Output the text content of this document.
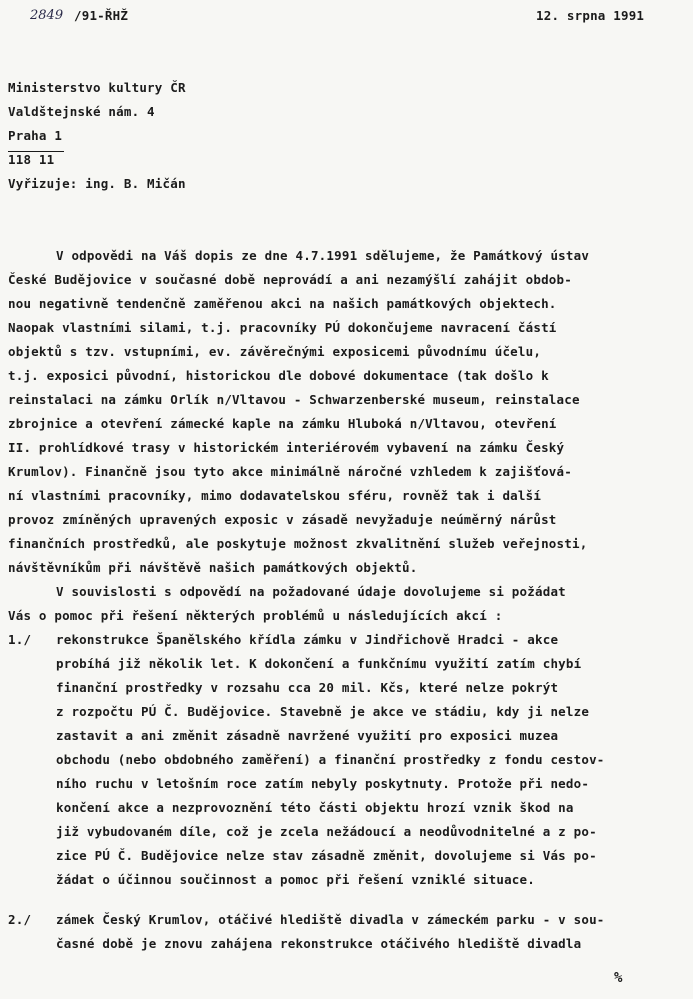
2849 /91-ŘHŽ	12. srpna 1991
Ministerstvo kultury ČR
Valdštejnské nám. 4
Praha 1
118 11
Vyřizuje: ing. B. Mičán
V odpovědi na Váš dopis ze dne 4.7.1991 sdělujeme, že Památkový ústav
České Budějovice v současné době neprovádí a ani nezamýšlí zahájit obdob-
nou negativně tendenčně zaměřenou akci na našich památkových objektech.
Naopak vlastními silami, t.j. pracovníky PÚ dokončujeme navracení částí
objektů s tzv. vstupními, ev. závěrečnými exposicemi původnímu účelu,
t.j. exposici původní, historickou dle dobové dokumentace (tak došlo k
reinstalaci na zámku Orlík n/Vltavou - Schwarzenberské museum, reinstalace
zbrojnice a otevření zámecké kaple na zámku Hluboká n/Vltavou, otevření
II. prohlídkové trasy v historickém interiérovém vybavení na zámku Český
Krumlov). Finančně jsou tyto akce minimálně náročné vzhledem k zajišťová-
ní vlastními pracovníky, mimo dodavatelskou sféru, rovněž tak i další
provoz zmíněných upravených exposic v zásadě nevyžaduje neúměrný nárůst
finančních prostředků, ale poskytuje možnost zkvalitnění služeb veřejnosti,
návštěvníkům při návštěvě našich památkových objektů.
V souvislosti s odpovědí na požadované údaje dovolujeme si požádat
Vás o pomoc při řešení některých problémů u následujících akcí :
1./ rekonstrukce Španělského křídla zámku v Jindřichově Hradci - akce
probíhá již několik let. K dokončení a funkčnímu využití zatím chybí
finanční prostředky v rozsahu cca 20 mil. Kčs, které nelze pokrýt
z rozpočtu PÚ Č. Budějovice. Stavebně je akce ve stádiu, kdy ji nelze
zastavit a ani změnit zásadně navržené využití pro exposici muzea
obchodu (nebo obdobného zaměření) a finanční prostředky z fondu cestov-
ního ruchu v letošním roce zatím nebyly poskytnuty. Protože při nedo-
končení akce a nezprovoznění této části objektu hrozí vznik škod na
již vybudovaném díle, což je zcela nežádoucí a neodůvodnitelné a z po-
zice PÚ Č. Budějovice nelze stav zásadně změnit, dovolujeme si Vás po-
žádat o účinnou součinnost a pomoc při řešení vzniklé situace.
2./ zámek Český Krumlov, otáčivé hlediště divadla v zámeckém parku - v sou-
časné době je znovu zahájena rekonstrukce otáčivého hlediště divadla
%
